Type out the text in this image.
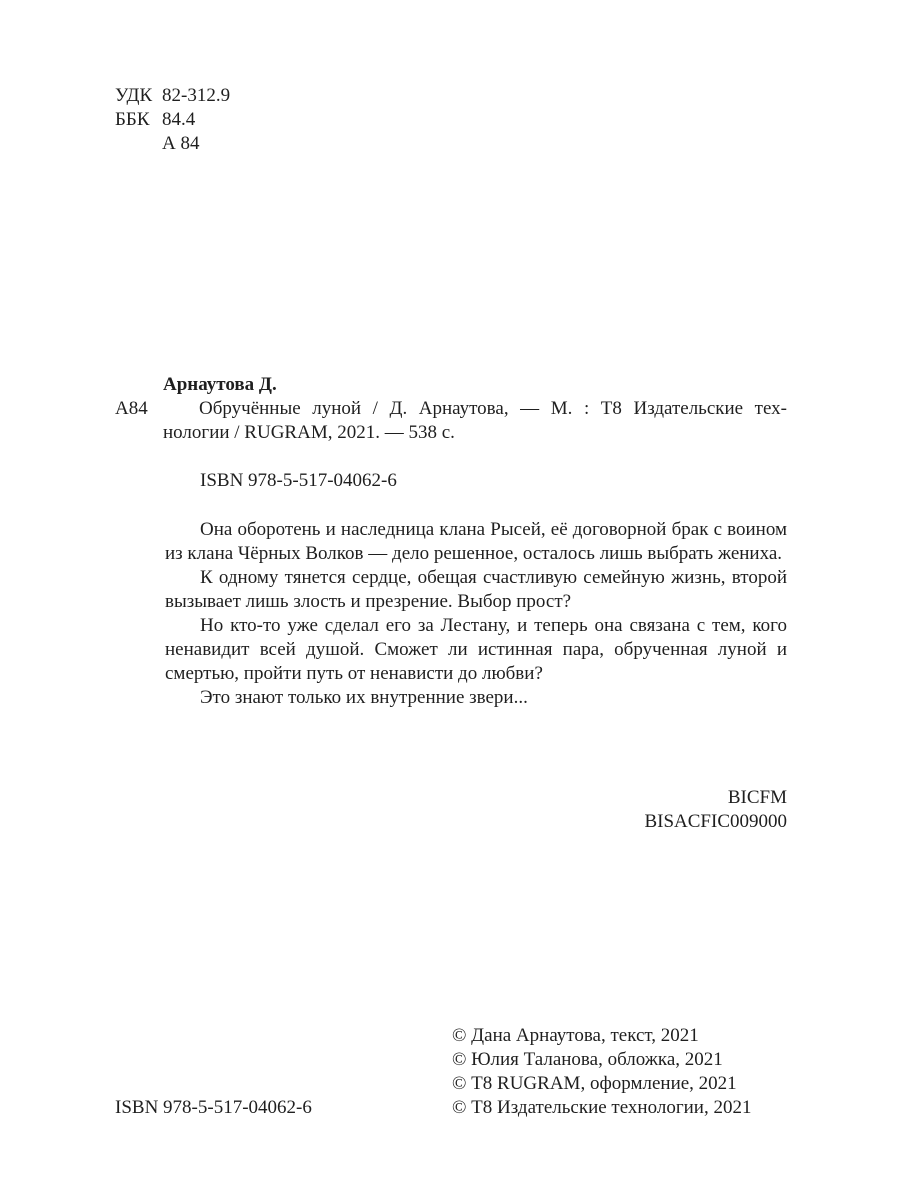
УДК 82-312.9
ББК 84.4
А 84
Арнаутова Д.
А84	Обручённые луной / Д. Арнаутова, — М. : Т8 Издательские тех-
нологии / RUGRAM, 2021. — 538 с.
ISBN 978-5-517-04062-6

Она оборотень и наследница клана Рысей, её договорной брак с воином из клана Чёрных Волков — дело решенное, осталось лишь выбрать жениха.

К одному тянется сердце, обещая счастливую семейную жизнь, второй вызывает лишь злость и презрение. Выбор прост?

Но кто-то уже сделал его за Лестану, и теперь она связана с тем, кого ненавидит всей душой. Сможет ли истинная пара, обрученная луной и смертью, пройти путь от ненависти до любви?

Это знают только их внутренние звери...

BICFM
BISACFIC009000
ISBN 978-5-517-04062-6
© Дана Арнаутова, текст, 2021
© Юлия Таланова, обложка, 2021
© Т8 RUGRAM, оформление, 2021
© Т8 Издательские технологии, 2021
